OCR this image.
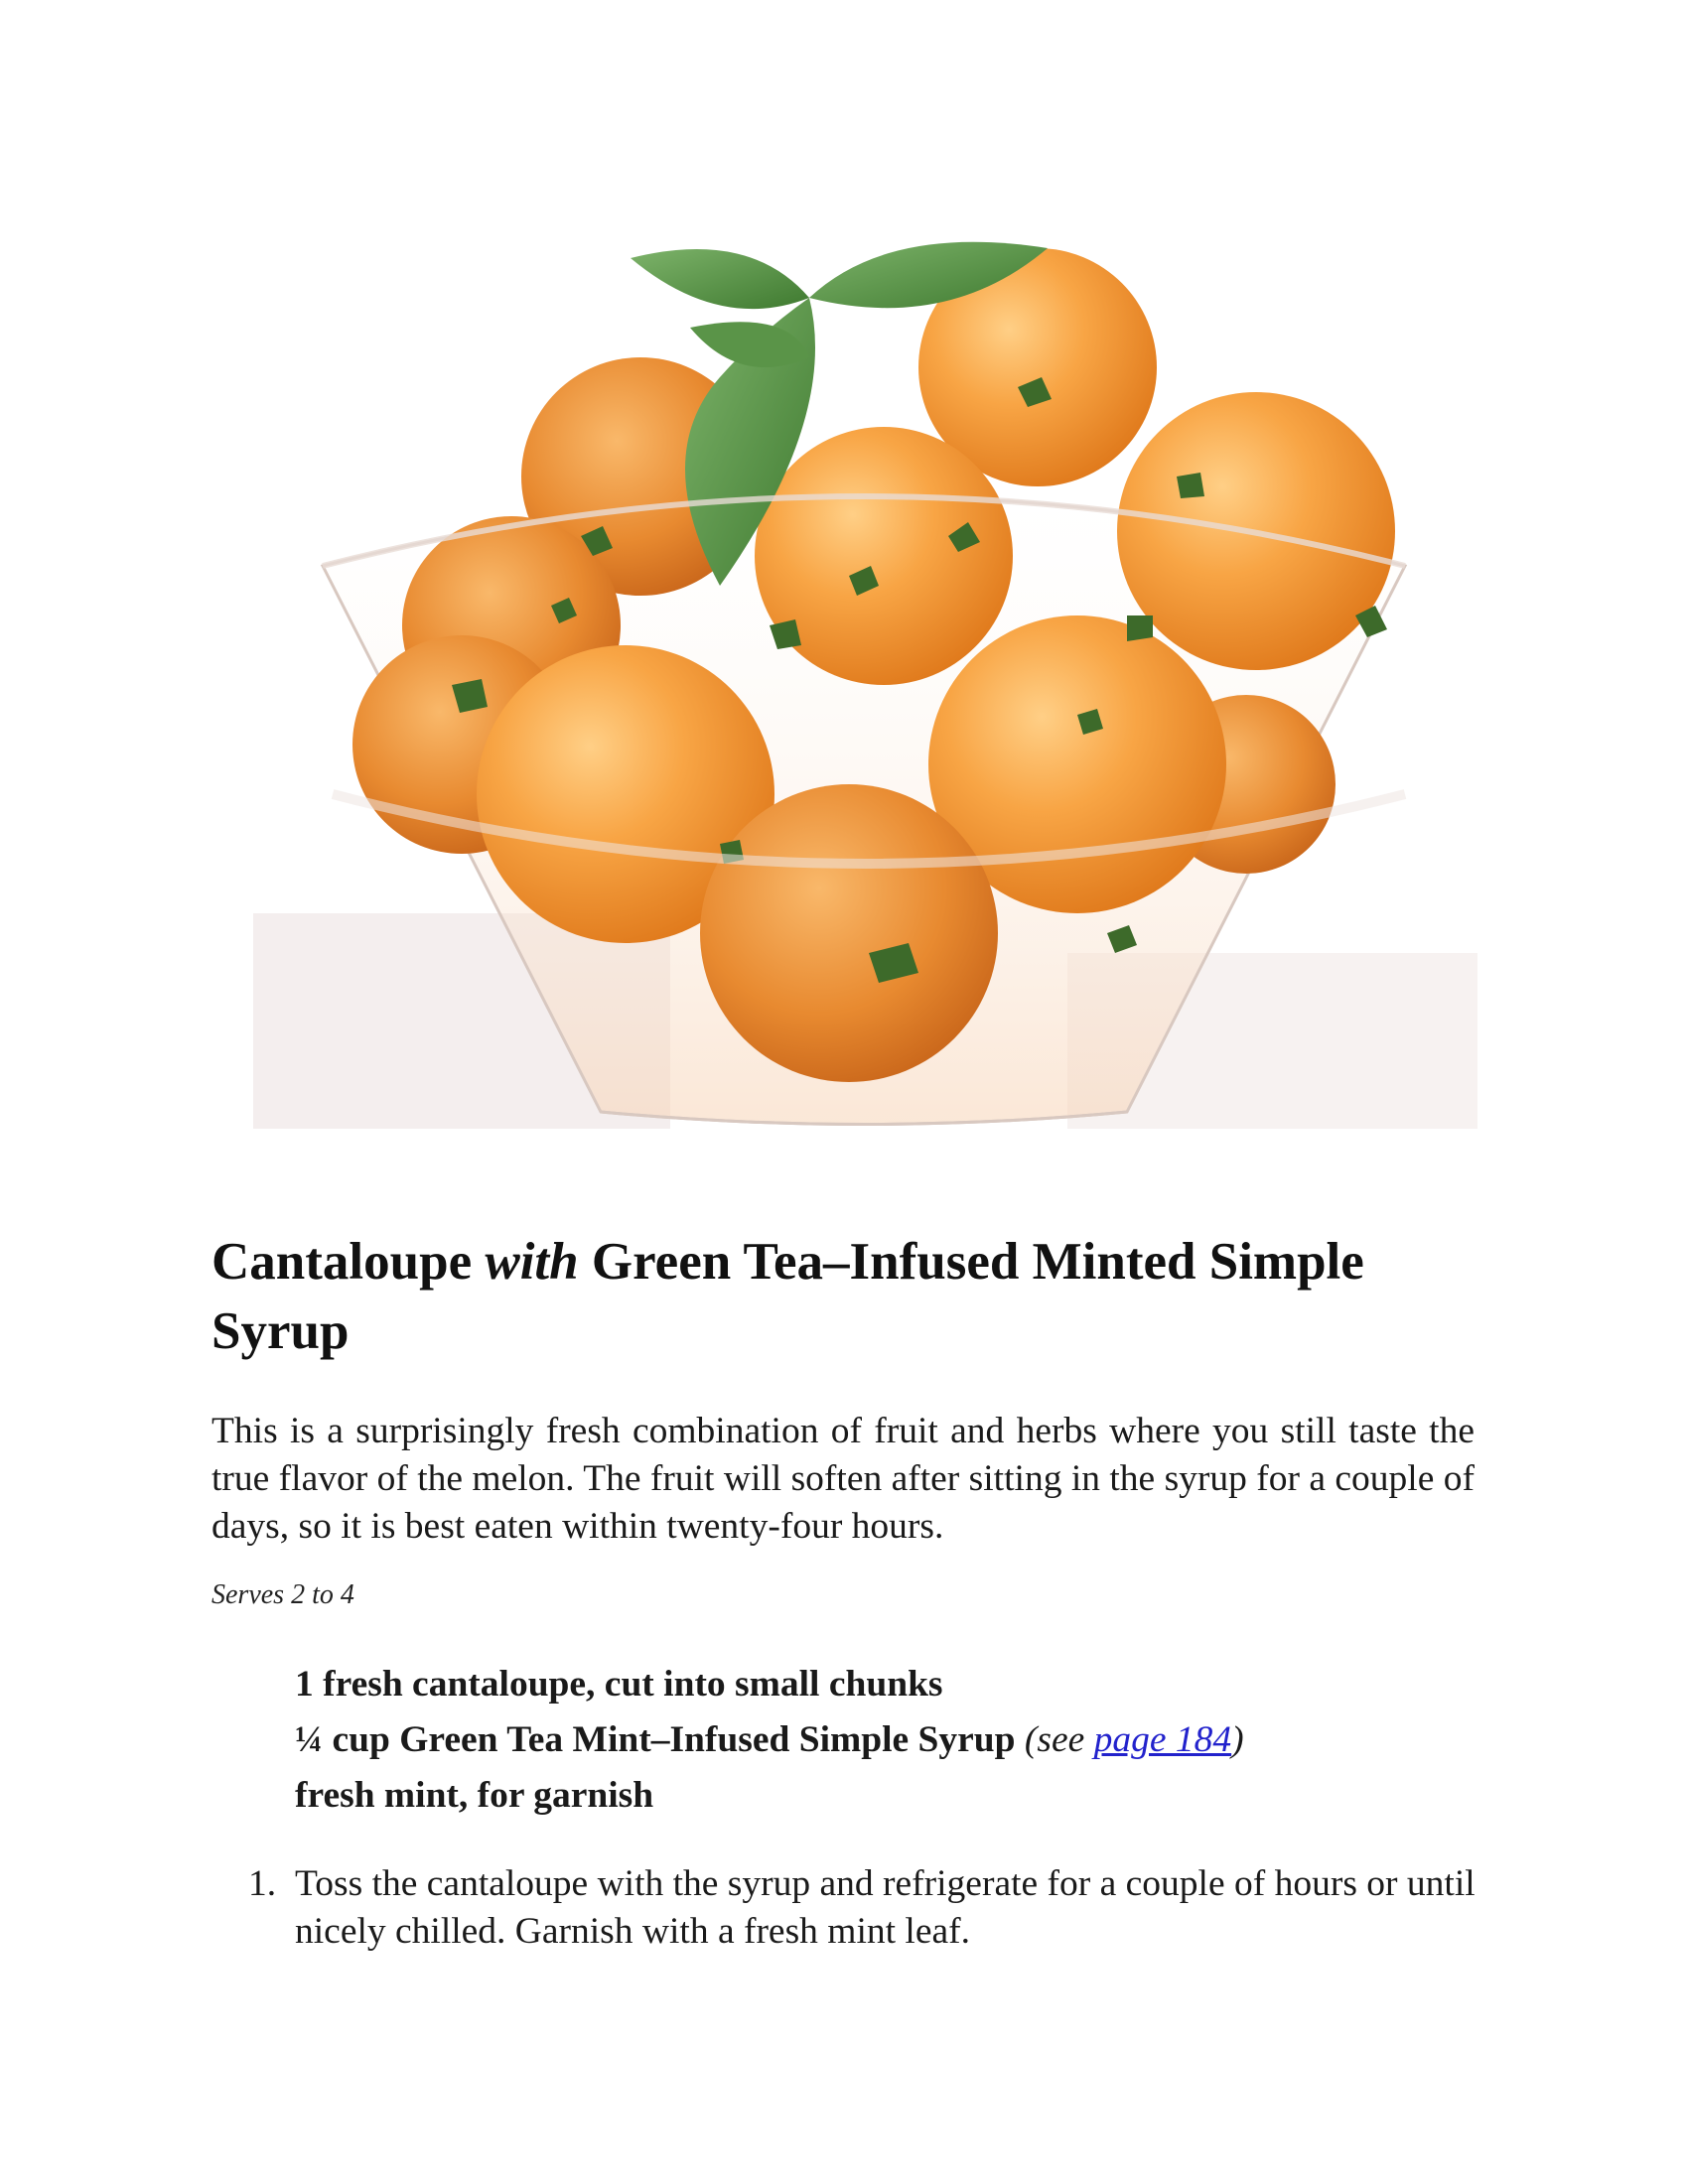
Cantaloupe with Green Tea–Infused Minted Simple Syrup

This is a surprisingly fresh combination of fruit and herbs where you still taste the true flavor of the melon. The fruit will soften after sitting in the syrup for a couple of days, so it is best eaten within twenty-four hours.

Serves 2 to 4

1 fresh cantaloupe, cut into small chunks
¼ cup Green Tea Mint–Infused Simple Syrup (see page 184)
fresh mint, for garnish
1. Toss the cantaloupe with the syrup and refrigerate for a couple of hours or until nicely chilled. Garnish with a fresh mint leaf.
